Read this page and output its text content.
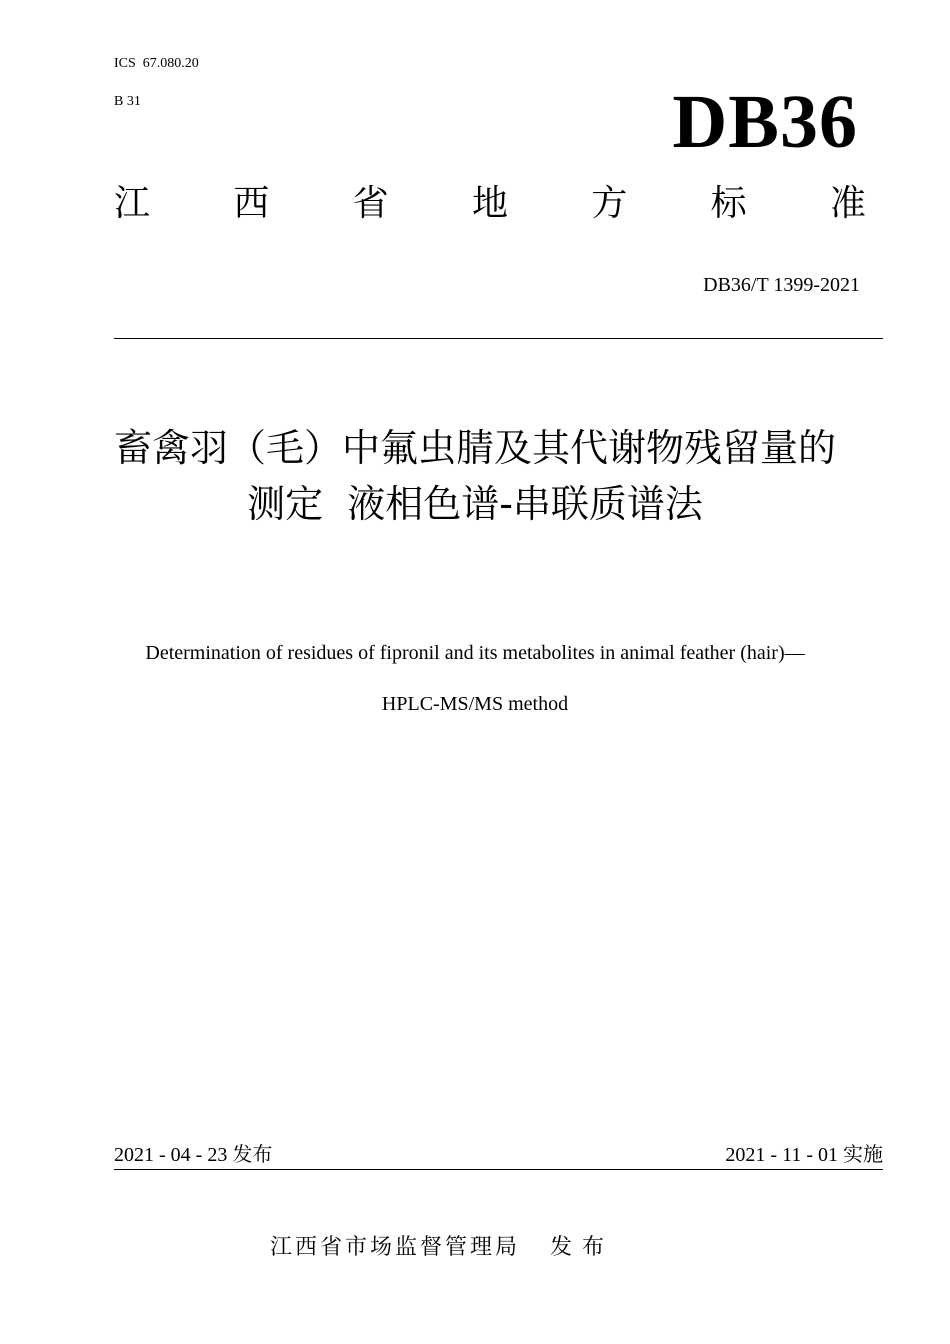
ICS  67.080.20
B 31	DB36
江 西 省 地 方 标 准
DB36/T 1399-2021
畜禽羽（毛）中氟虫腈及其代谢物残留量的
测定  液相色谱-串联质谱法
Determination of residues of fipronil and its metabolites in animal feather (hair)—
HPLC-MS/MS method
2021 - 04 - 23 发布	2021 - 11 - 01 实施
江西省市场监督管理局 发布
